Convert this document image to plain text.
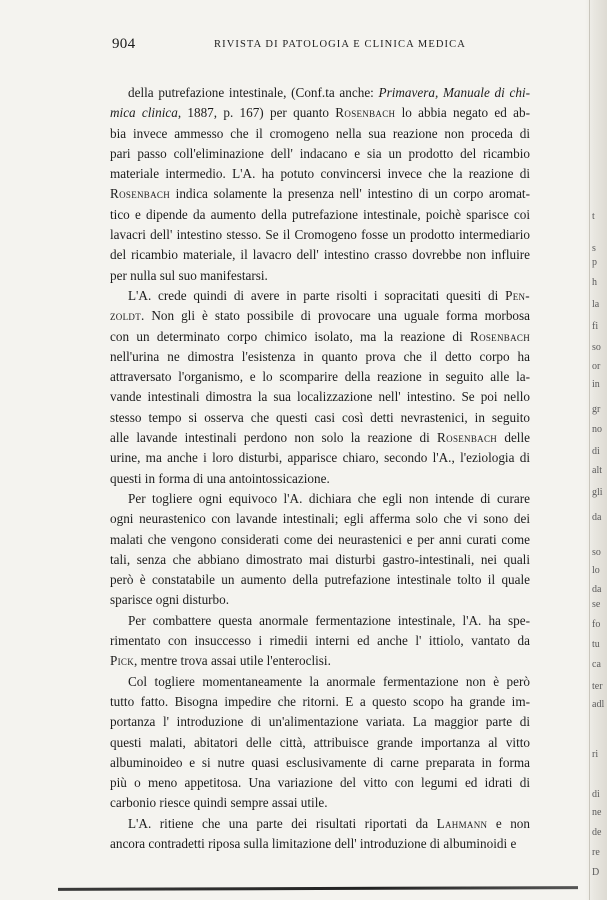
t
s
p
h
la
fi
so
or
in
gr
no
di
alt
gli
da
so
lo
da
se
fo
tu
ca
ter
adl
ri
di
ne
de
re
D
904	RIVISTA DI PATOLOGIA E CLINICA MEDICA

della putrefazione intestinale, (Conf.ta anche: Primavera, Manuale di chi-
mica clinica, 1887, p. 167) per quanto Rosenbach lo abbia negato ed ab-
bia invece ammesso che il cromogeno nella sua reazione non proceda di
pari passo coll'eliminazione dell' indacano e sia un prodotto del ricambio
materiale intermedio. L'A. ha potuto convincersi invece che la reazione di
Rosenbach indica solamente la presenza nell' intestino di un corpo aromat-
tico e dipende da aumento della putrefazione intestinale, poichè sparisce coi
lavacri dell' intestino stesso. Se il Cromogeno fosse un prodotto intermediario
del ricambio materiale, il lavacro dell' intestino crasso dovrebbe non influire
per nulla sul suo manifestarsi.

L'A. crede quindi di avere in parte risolti i sopracitati quesiti di Pen-
zoldt. Non gli è stato possibile di provocare una uguale forma morbosa
con un determinato corpo chimico isolato, ma la reazione di Rosenbach
nell'urina ne dimostra l'esistenza in quanto prova che il detto corpo ha
attraversato l'organismo, e lo scomparire della reazione in seguito alle la-
vande intestinali dimostra la sua localizzazione nell' intestino. Se poi nello
stesso tempo si osserva che questi casi così detti nevrastenici, in seguito
alle lavande intestinali perdono non solo la reazione di Rosenbach delle
urine, ma anche i loro disturbi, apparisce chiaro, secondo l'A., l'eziologia di
questi in forma di una antointossicazione.

Per togliere ogni equivoco l'A. dichiara che egli non intende di curare
ogni neurastenico con lavande intestinali; egli afferma solo che vi sono dei
malati che vengono considerati come dei neurastenici e per anni curati come
tali, senza che abbiano dimostrato mai disturbi gastro-intestinali, nei quali
però è constatabile un aumento della putrefazione intestinale tolto il quale
sparisce ogni disturbo.

Per combattere questa anormale fermentazione intestinale, l'A. ha spe-
rimentato con insuccesso i rimedii interni ed anche l' ittiolo, vantato da
Pick, mentre trova assai utile l'enteroclisi.

Col togliere momentaneamente la anormale fermentazione non è però
tutto fatto. Bisogna impedire che ritorni. E a questo scopo ha grande im-
portanza l' introduzione di un'alimentazione variata. La maggior parte di
questi malati, abitatori delle città, attribuisce grande importanza al vitto
albuminoideo e si nutre quasi esclusivamente di carne preparata in forma
più o meno appetitosa. Una variazione del vitto con legumi ed idrati di
carbonio riesce quindi sempre assai utile.

L'A. ritiene che una parte dei risultati riportati da Lahmann e non
ancora contradetti riposa sulla limitazione dell' introduzione di albuminoidi e
